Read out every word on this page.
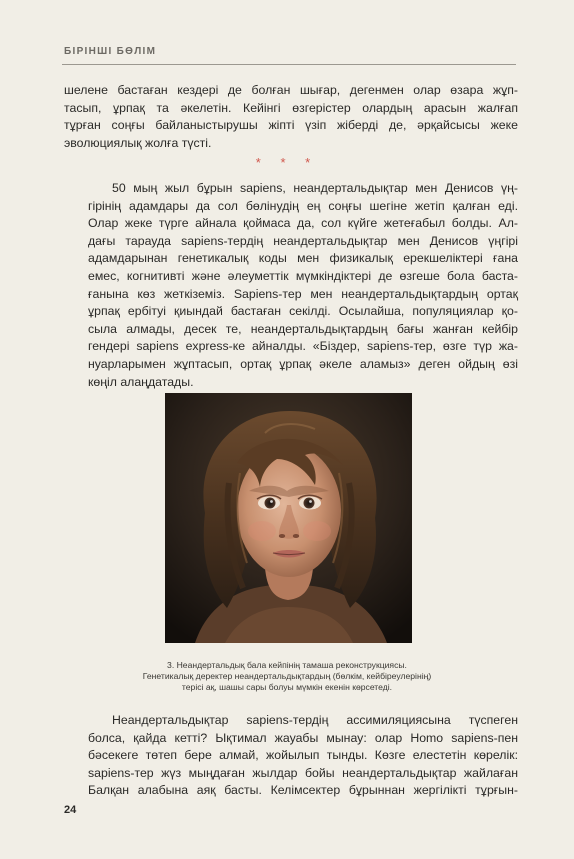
БІРІНШІ БӨЛІМ

шелене бастаған кездері де болған шығар, дегенмен олар өзара жұп-
тасып, ұрпақ та әкелетін. Кейінгі өзгерістер олардың арасын жалғап
тұрған соңғы байланыстырушы жіпті үзіп жіберді де, әрқайсысы жеке
эволюциялық жолға түсті.

* * *

50 мың жыл бұрын sapiens, неандертальдықтар мен Денисов үң-
гірінің адамдары да сол бөлінудің ең соңғы шегіне жетіп қалған еді.
Олар жеке түрге айнала қоймаса да, сол күйге жетеғабыл болды. Ал-
дағы тарауда sapiens-тердің неандертальдықтар мен Денисов үңгірі
адамдарынан генетикалық коды мен физикалық ерекшеліктері ғана
емес, когнитивті және әлеуметтік мүмкіндіктері де өзгеше бола баста-
ғанына көз жеткіземіз. Sapiens-тер мен неандертальдықтардың ортақ
ұрпақ ербітуі қиындай бастаған секілді. Осылайша, популяциялар қо-
сыла алмады, десек те, неандертальдықтардың бағы жанған кейбір
гендері sapiens express-ке айналды. «Біздер, sapiens-тер, өзге түр жа-
нуарларымен жұптасып, ортақ ұрпақ әкеле аламыз» деген ойдың өзі
көңіл алаңдатады.

3. Неандертальдық бала кейпінің тамаша реконструкциясы.
Генетикалық деректер неандертальдықтардың (бөлкім, кейбіреулерінің)
терісі ақ, шашы сары болуы мүмкін екенін көрсетеді.

Неандертальдықтар sapiens-тердің ассимиляциясына түспеген
болса, қайда кетті? Ықтимал жауабы мынау: олар Homo sapiens-пен
бәсекеге төтеп бере алмай, жойылып тынды. Көзге елестетін көрелік:
sapiens-тер жүз мыңдаған жылдар бойы неандертальдықтар жайлаған
Балқан алабына аяқ басты. Келімсектер бұрыннан жергілікті тұрғын-

24
